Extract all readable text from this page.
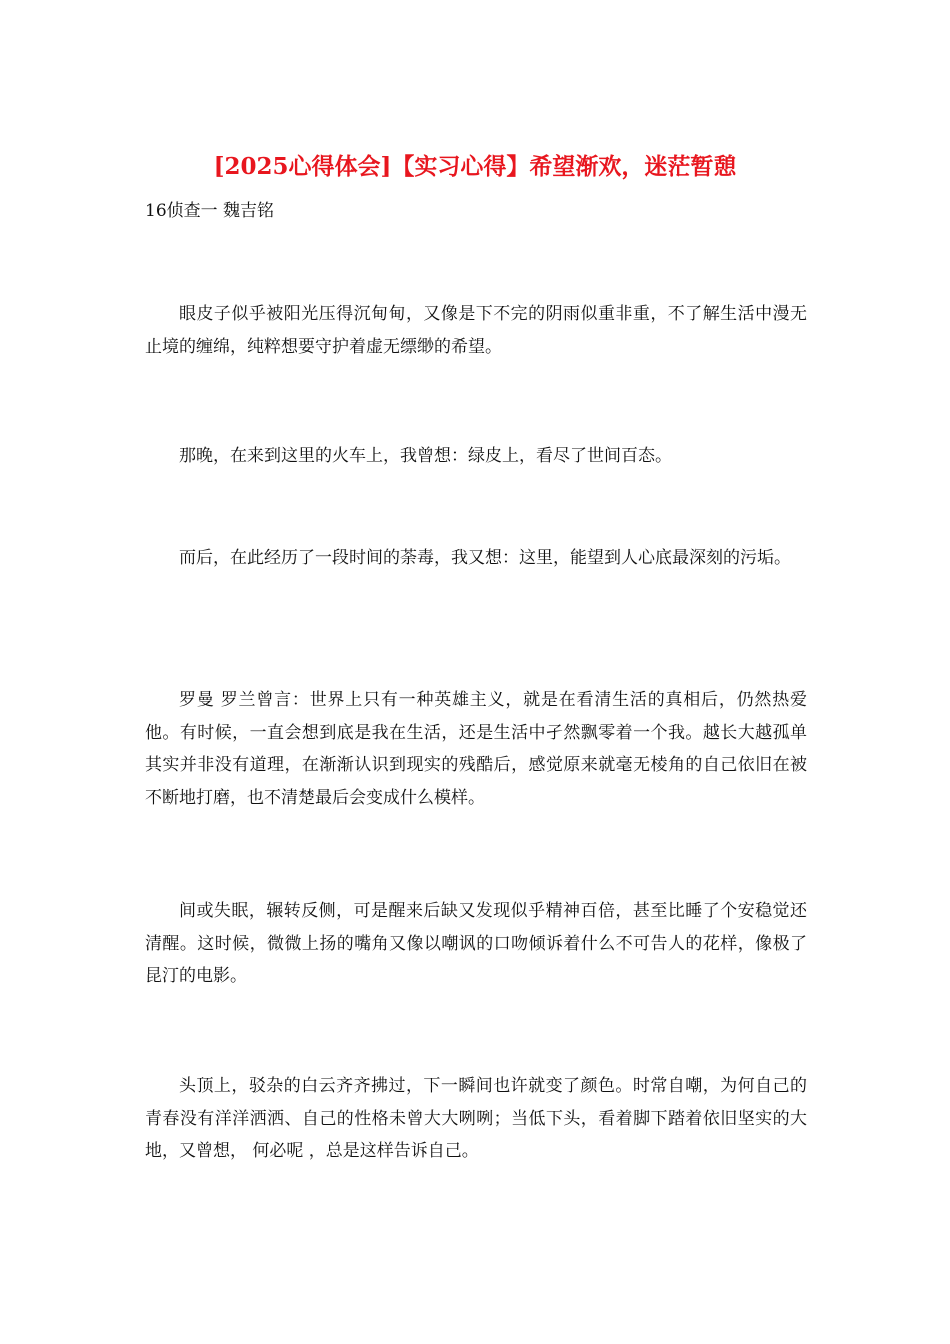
[2025心得体会]【实习心得】希望渐欢，迷茫暂憩
16侦查一 魏吉铭

眼皮子似乎被阳光压得沉甸甸，又像是下不完的阴雨似重非重，不了解生活中漫无止境的缠绵，纯粹想要守护着虚无缥缈的希望。

那晚，在来到这里的火车上，我曾想：绿皮上，看尽了世间百态。

而后，在此经历了一段时间的荼毒，我又想：这里，能望到人心底最深刻的污垢。

罗曼 罗兰曾言：世界上只有一种英雄主义，就是在看清生活的真相后，仍然热爱他。有时候，一直会想到底是我在生活，还是生活中孑然飘零着一个我。越长大越孤单其实并非没有道理，在渐渐认识到现实的残酷后，感觉原来就毫无棱角的自己依旧在被不断地打磨，也不清楚最后会变成什么模样。

间或失眠，辗转反侧，可是醒来后缺又发现似乎精神百倍，甚至比睡了个安稳觉还清醒。这时候，微微上扬的嘴角又像以嘲讽的口吻倾诉着什么不可告人的花样，像极了昆汀的电影。

头顶上，驳杂的白云齐齐拂过，下一瞬间也许就变了颜色。时常自嘲，为何自己的青春没有洋洋洒洒、自己的性格未曾大大咧咧；当低下头，看着脚下踏着依旧坚实的大地，又曾想， 何必呢 ，总是这样告诉自己。
